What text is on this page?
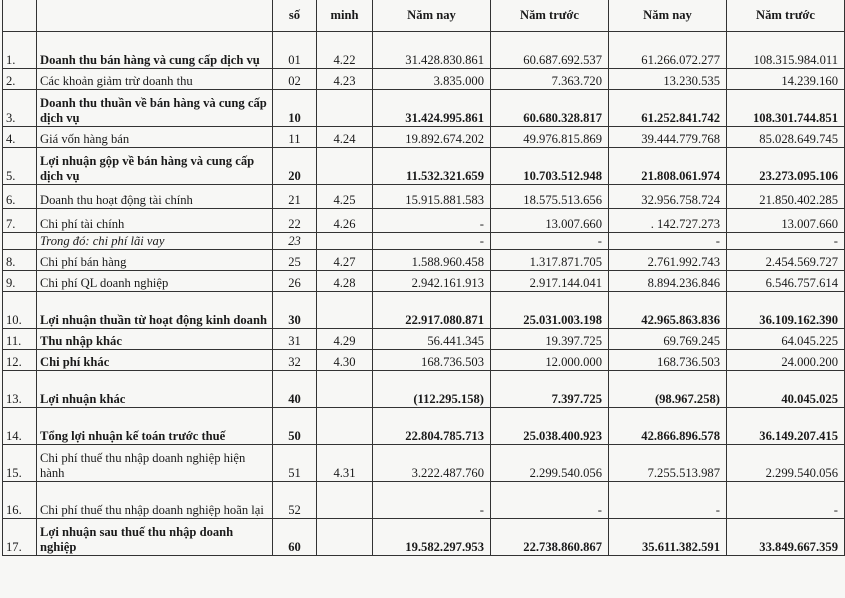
		số	minh	Năm nay	Năm trước	Năm nay	Năm trước
1.	Doanh thu bán hàng và cung cấp dịch vụ	01	4.22	31.428.830.861	60.687.692.537	61.266.072.277	108.315.984.011
2.	Các khoản giảm trừ doanh thu	02	4.23	3.835.000	7.363.720	13.230.535	14.239.160
3.	Doanh thu thuần về bán hàng và cung cấp dịch vụ	10		31.424.995.861	60.680.328.817	61.252.841.742	108.301.744.851
4.	Giá vốn hàng bán	11	4.24	19.892.674.202	49.976.815.869	39.444.779.768	85.028.649.745
5.	Lợi nhuận gộp về bán hàng và cung cấp dịch vụ	20		11.532.321.659	10.703.512.948	21.808.061.974	23.273.095.106
6.	Doanh thu hoạt động tài chính	21	4.25	15.915.881.583	18.575.513.656	32.956.758.724	21.850.402.285
7.	Chi phí tài chính	22	4.26	-	13.007.660	. 142.727.273	13.007.660
	Trong đó: chi phí lãi vay	23		-	-	-	-
8.	Chi phí bán hàng	25	4.27	1.588.960.458	1.317.871.705	2.761.992.743	2.454.569.727
9.	Chi phí QL doanh nghiệp	26	4.28	2.942.161.913	2.917.144.041	8.894.236.846	6.546.757.614
10.	Lợi nhuận thuần từ hoạt động kinh doanh	30		22.917.080.871	25.031.003.198	42.965.863.836	36.109.162.390
11.	Thu nhập khác	31	4.29	56.441.345	19.397.725	69.769.245	64.045.225
12.	Chi phí khác	32	4.30	168.736.503	12.000.000	168.736.503	24.000.200
13.	Lợi nhuận khác	40		(112.295.158)	7.397.725	(98.967.258)	40.045.025
14.	Tổng lợi nhuận kế toán trước thuế	50		22.804.785.713	25.038.400.923	42.866.896.578	36.149.207.415
15.	Chi phí thuế thu nhập doanh nghiệp hiện hành	51	4.31	3.222.487.760	2.299.540.056	7.255.513.987	2.299.540.056
16.	Chi phí thuế thu nhập doanh nghiệp hoãn lại	52		-	-	-	-
17.	Lợi nhuận sau thuế thu nhập doanh nghiệp	60		19.582.297.953	22.738.860.867	35.611.382.591	33.849.667.359
